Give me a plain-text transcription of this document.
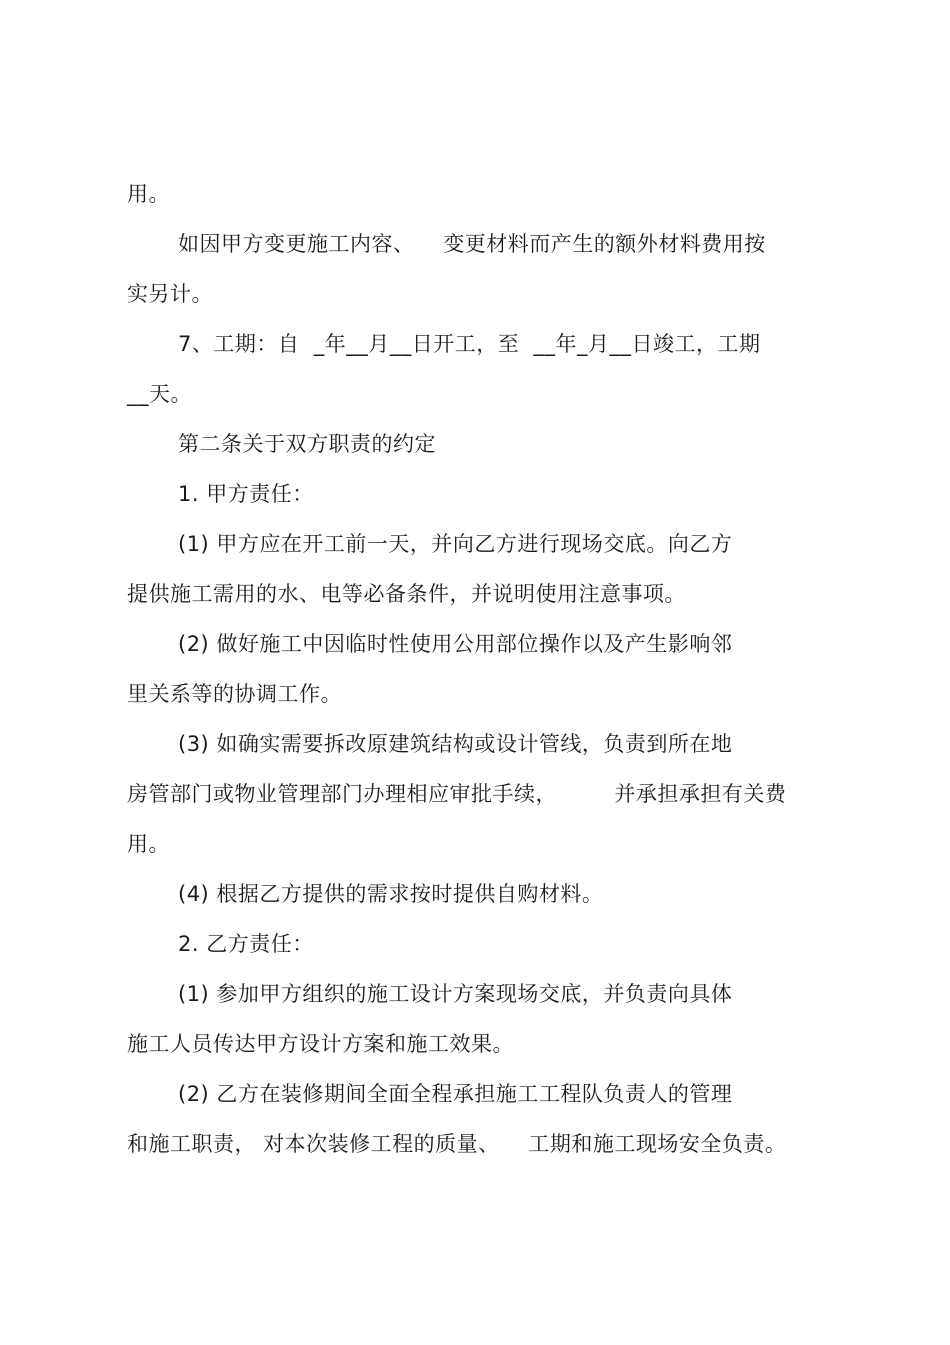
用。
如因甲方变更施工内容、    变更材料而产生的额外材料费用按
实另计。
7、工期：自  _年__月__日开工，至  __年_月__日竣工，工期
__天。
第二条关于双方职责的约定
1. 甲方责任：
(1) 甲方应在开工前一天，并向乙方进行现场交底。向乙方
提供施工需用的水、电等必备条件，并说明使用注意事项。
(2) 做好施工中因临时性使用公用部位操作以及产生影响邻
里关系等的协调工作。
(3) 如确实需要拆改原建筑结构或设计管线，负责到所在地
房管部门或物业管理部门办理相应审批手续，        并承担承担有关费
用。
(4) 根据乙方提供的需求按时提供自购材料。
2. 乙方责任：
(1) 参加甲方组织的施工设计方案现场交底，并负责向具体
施工人员传达甲方设计方案和施工效果。
(2) 乙方在装修期间全面全程承担施工工程队负责人的管理
和施工职责， 对本次装修工程的质量、    工期和施工现场安全负责。
